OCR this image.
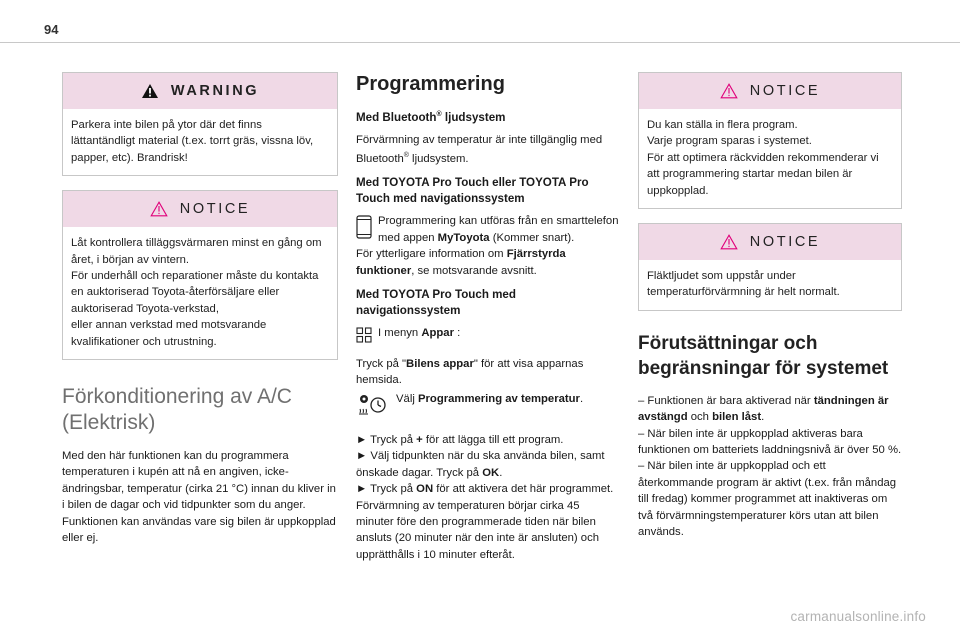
94
WARNING
Parkera inte bilen på ytor där det finns lättantändligt material (t.ex. torrt gräs, vissna löv, papper, etc). Brandrisk!
NOTICE
Låt kontrollera tilläggsvärmaren minst en gång om året, i början av vintern.
För underhåll och reparationer måste du kontakta en auktoriserad Toyota-återförsäljare eller auktoriserad Toyota-verkstad,
eller annan verkstad med motsvarande kvalifikationer och utrustning.
Förkonditionering av A/C (Elektrisk)

Med den här funktionen kan du programmera temperaturen i kupén att nå en angiven, icke-ändringsbar, temperatur (cirka 21 °C) innan du kliver in i bilen de dagar och vid tidpunkter som du anger.

Funktionen kan användas vare sig bilen är uppkopplad eller ej.

Programmering
Med Bluetooth® ljudsystem

Förvärmning av temperatur är inte tillgänglig med Bluetooth® ljudsystem.

Med TOYOTA Pro Touch eller TOYOTA Pro Touch med navigationssystem

Programmering kan utföras från en smarttelefon med appen MyToyota (Kommer snart).

För ytterligare information om Fjärrstyrda funktioner, se motsvarande avsnitt.

Med TOYOTA Pro Touch med navigationssystem

I menyn Appar :

Tryck på "Bilens appar" för att visa apparnas hemsida.

Välj Programmering av temperatur.

► Tryck på + för att lägga till ett program.

► Välj tidpunkten när du ska använda bilen, samt önskade dagar. Tryck på OK.

► Tryck på ON för att aktivera det här programmet.

Förvärmning av temperaturen börjar cirka 45 minuter före den programmerade tiden när bilen ansluts (20 minuter när den inte är ansluten) och upprätthålls i 10 minuter efteråt.

NOTICE
Du kan ställa in flera program.
Varje program sparas i systemet.
För att optimera räckvidden rekommenderar vi att programmering startar medan bilen är uppkopplad.
NOTICE
Fläktljudet som uppstår under temperaturförvärmning är helt normalt.
Förutsättningar och begränsningar för systemet

– Funktionen är bara aktiverad när tändningen är avstängd och bilen låst.

– När bilen inte är uppkopplad aktiveras bara funktionen om batteriets laddningsnivå är över 50 %.

– När bilen inte är uppkopplad och ett återkommande program är aktivt (t.ex. från måndag till fredag) kommer programmet att inaktiveras om två förvärmningstemperaturer körs utan att bilen används.

carmanualsonline.info
